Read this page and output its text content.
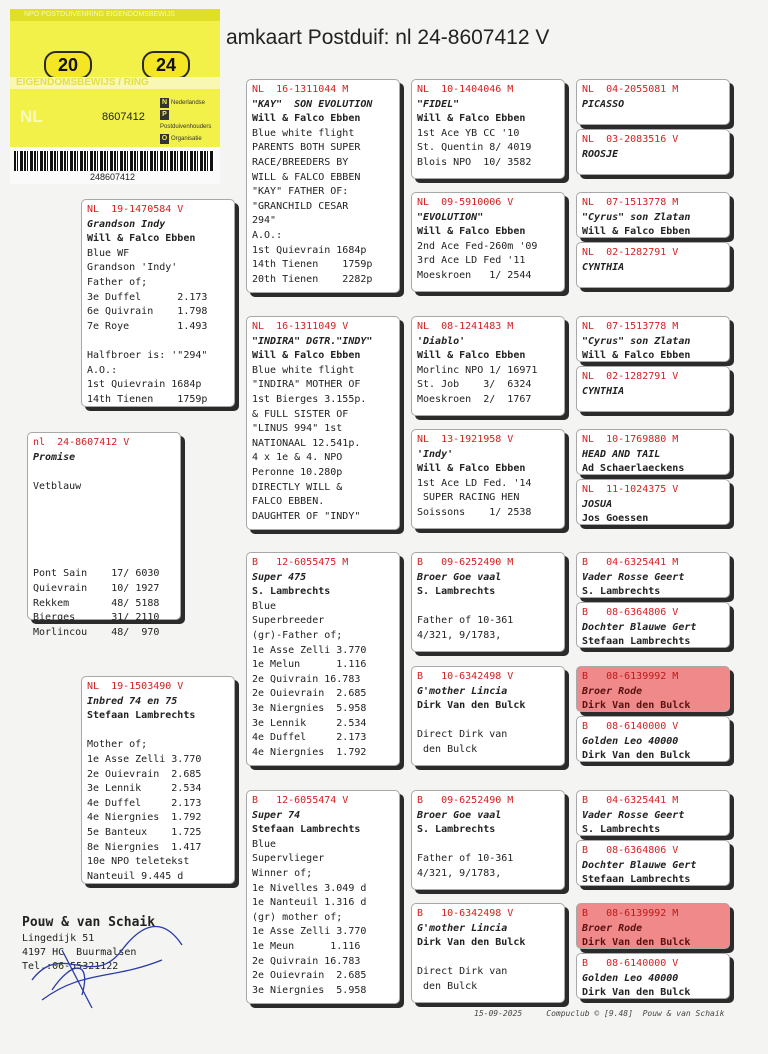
amkaart Postduif: nl 24-8607412 V
NPO POSTDUIVENRING EIGENDOMSBEWIJS
20	24
EIGENDOMSBEWIJS / RING
NL	8607412
N Nederlandse
PPostduivenhouders
O Organisatie
248607412
nl  24-8607412 V
Promise

Vetblauw

Pont Sain    17/ 6030
Quievrain    10/ 1927
Rekkem       48/ 5188
Bierges      31/ 2110
Morlincou    48/  970
NL  19-1470584 V
Grandson Indy
Will & Falco Ebben
Blue WF
Grandson 'Indy'
Father of;
3e Duffel      2.173
6e Quivrain    1.798
7e Roye        1.493

Halfbroer is: '"294"
A.O.:
1st Quievrain 1684p
14th Tienen    1759p
NL  19-1503490 V
Inbred 74 en 75
Stefaan Lambrechts

Mother of;
1e Asse Zelli 3.770
2e Ouievrain  2.685
3e Lennik     2.534
4e Duffel     2.173
4e Niergnies  1.792
5e Banteux    1.725
8e Niergnies  1.417
10e NPO teletekst
Nanteuil 9.445 d
NL  16-1311044 M
"KAY"  SON EVOLUTION
Will & Falco Ebben
Blue white flight
PARENTS BOTH SUPER
RACE/BREEDERS BY
WILL & FALCO EBBEN
"KAY" FATHER OF:
"GRANCHILD CESAR
294"
A.O.:
1st Quievrain 1684p
14th Tienen    1759p
20th Tienen    2282p
NL  16-1311049 V
"INDIRA" DGTR."INDY"
Will & Falco Ebben
Blue white flight
"INDIRA" MOTHER OF
1st Bierges 3.155p.
& FULL SISTER OF
"LINUS 994" 1st
NATIONAAL 12.541p.
4 x 1e & 4. NPO
Peronne 10.280p
DIRECTLY WILL &
FALCO EBBEN.
DAUGHTER OF "INDY"
B   12-6055475 M
Super 475
S. Lambrechts
Blue
Superbreeder
(gr)-Father of;
1e Asse Zelli 3.770
1e Melun      1.116
2e Quivrain 16.783
2e Ouievrain  2.685
3e Niergnies  5.958
3e Lennik     2.534
4e Duffel     2.173
4e Niergnies  1.792
B   12-6055474 V
Super 74
Stefaan Lambrechts
Blue
Supervlieger
Winner of;
1e Nivelles 3.049 d
1e Nanteuil 1.316 d
(gr) mother of;
1e Asse Zelli 3.770
1e Meun      1.116
2e Quivrain 16.783
2e Ouievrain  2.685
3e Niergnies  5.958
NL  10-1404046 M
"FIDEL"
Will & Falco Ebben
1st Ace YB CC '10
St. Quentin 8/ 4019
Blois NPO  10/ 3582
NL  09-5910006 V
"EVOLUTION"
Will & Falco Ebben
2nd Ace Fed-260m '09
3rd Ace LD Fed '11
Moeskroen   1/ 2544
NL  08-1241483 M
'Diablo'
Will & Falco Ebben
Morlinc NPO 1/ 16971
St. Job    3/  6324
Moeskroen  2/  1767
NL  13-1921958 V
'Indy'
Will & Falco Ebben
1st Ace LD Fed. '14
SUPER RACING HEN
Soissons    1/ 2538
B   09-6252490 M
Broer Goe vaal
S. Lambrechts

Father of 10-361
4/321, 9/1783,
B   10-6342498 V
G'mother Lincia
Dirk Van den Bulck

Direct Dirk van
den Bulck
B   09-6252490 M
Broer Goe vaal
S. Lambrechts

Father of 10-361
4/321, 9/1783,
B   10-6342498 V
G'mother Lincia
Dirk Van den Bulck

Direct Dirk van
den Bulck
NL  04-2055081 M
PICASSO
NL  03-2083516 V
ROOSJE
NL  07-1513778 M
"Cyrus" son Zlatan
Will & Falco Ebben
NL  02-1282791 V
CYNTHIA
NL  07-1513778 M
"Cyrus" son Zlatan
Will & Falco Ebben
NL  02-1282791 V
CYNTHIA
NL  10-1769880 M
HEAD AND TAIL
Ad Schaerlaeckens
NL  11-1024375 V
JOSUA
Jos Goessen
B   04-6325441 M
Vader Rosse Geert
S. Lambrechts
B   08-6364806 V
Dochter Blauwe Gert
Stefaan Lambrechts
B   08-6139992 M
Broer Rode
Dirk Van den Bulck
B   08-6140000 V
Golden Leo 40000
Dirk Van den Bulck
B   04-6325441 M
Vader Rosse Geert
S. Lambrechts
B   08-6364806 V
Dochter Blauwe Gert
Stefaan Lambrechts
B   08-6139992 M
Broer Rode
Dirk Van den Bulck
B   08-6140000 V
Golden Leo 40000
Dirk Van den Bulck
Pouw & van Schaik
Lingedijk 51
4197 HC  Buurmalsen
Tel.:06-55321122
15-09-2025     Compuclub © [9.48]  Pouw & van Schaik
